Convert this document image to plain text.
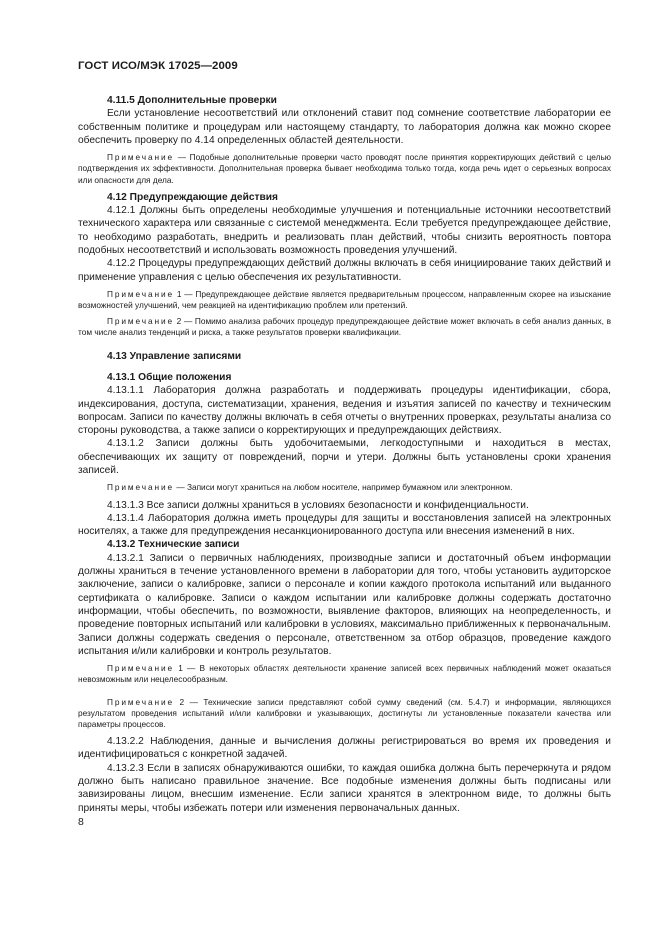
ГОСТ ИСО/МЭК 17025—2009

4.11.5 Дополнительные проверки

Если установление несоответствий или отклонений ставит под сомнение соответствие лаборатории ее собственным политике и процедурам или настоящему стандарту, то лаборатория должна как можно скорее обеспечить проверку по 4.14 определенных областей деятельности.

Примечание — Подобные дополнительные проверки часто проводят после принятия корректирующих действий с целью подтверждения их эффективности. Дополнительная проверка бывает необходима только тогда, когда речь идет о серьезных вопросах или опасности для дела.

4.12 Предупреждающие действия

4.12.1 Должны быть определены необходимые улучшения и потенциальные источники несоответствий технического характера или связанные с системой менеджмента. Если требуется предупреждающее действие, то необходимо разработать, внедрить и реализовать план действий, чтобы снизить вероятность повтора подобных несоответствий и использовать возможность проведения улучшений.

4.12.2 Процедуры предупреждающих действий должны включать в себя инициирование таких действий и применение управления с целью обеспечения их результативности.

Примечание 1 — Предупреждающее действие является предварительным процессом, направленным скорее на изыскание возможностей улучшений, чем реакцией на идентификацию проблем или претензий.

Примечание 2 — Помимо анализа рабочих процедур предупреждающее действие может включать в себя анализ данных, в том числе анализ тенденций и риска, а также результатов проверки квалификации.

4.13 Управление записями

4.13.1 Общие положения

4.13.1.1 Лаборатория должна разработать и поддерживать процедуры идентификации, сбора, индексирования, доступа, систематизации, хранения, ведения и изъятия записей по качеству и техническим вопросам. Записи по качеству должны включать в себя отчеты о внутренних проверках, результаты анализа со стороны руководства, а также записи о корректирующих и предупреждающих действиях.

4.13.1.2 Записи должны быть удобочитаемыми, легкодоступными и находиться в местах, обеспечивающих их защиту от повреждений, порчи и утери. Должны быть установлены сроки хранения записей.

Примечание — Записи могут храниться на любом носителе, например бумажном или электронном.

4.13.1.3 Все записи должны храниться в условиях безопасности и конфиденциальности.

4.13.1.4 Лаборатория должна иметь процедуры для защиты и восстановления записей на электронных носителях, а также для предупреждения несанкционированного доступа или внесения изменений в них.

4.13.2 Технические записи

4.13.2.1 Записи о первичных наблюдениях, производные записи и достаточный объем информации должны храниться в течение установленного времени в лаборатории для того, чтобы установить аудиторское заключение, записи о калибровке, записи о персонале и копии каждого протокола испытаний или выданного сертификата о калибровке. Записи о каждом испытании или калибровке должны содержать достаточно информации, чтобы обеспечить, по возможности, выявление факторов, влияющих на неопределенность, и проведение повторных испытаний или калибровки в условиях, максимально приближенных к первоначальным. Записи должны содержать сведения о персонале, ответственном за отбор образцов, проведение каждого испытания и/или калибровки и контроль результатов.

Примечание 1 — В некоторых областях деятельности хранение записей всех первичных наблюдений может оказаться невозможным или нецелесообразным.

Примечание 2 — Технические записи представляют собой сумму сведений (см. 5.4.7) и информации, являющихся результатом проведения испытаний и/или калибровки и указывающих, достигнуты ли установленные показатели качества или параметры процессов.

4.13.2.2 Наблюдения, данные и вычисления должны регистрироваться во время их проведения и идентифицироваться с конкретной задачей.

4.13.2.3 Если в записях обнаруживаются ошибки, то каждая ошибка должна быть перечеркнута и рядом должно быть написано правильное значение. Все подобные изменения должны быть подписаны или завизированы лицом, внесшим изменение. Если записи хранятся в электронном виде, то должны быть приняты меры, чтобы избежать потери или изменения первоначальных данных.

8
